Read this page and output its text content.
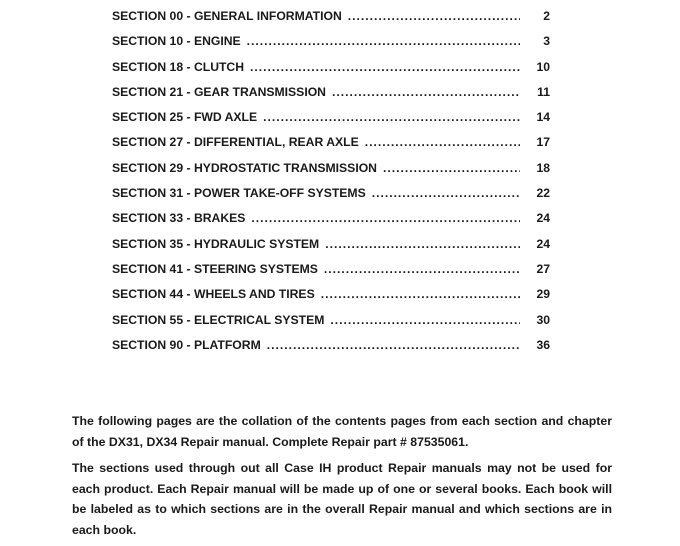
SECTION 00 - GENERAL INFORMATION . . .	2
SECTION 10 - ENGINE . . .	3
SECTION 18 - CLUTCH . . .	10
SECTION 21 - GEAR TRANSMISSION . . .	11
SECTION 25 - FWD AXLE . . .	14
SECTION 27 - DIFFERENTIAL, REAR AXLE . . .	17
SECTION 29 - HYDROSTATIC TRANSMISSION . . .	18
SECTION 31 - POWER TAKE-OFF SYSTEMS . . .	22
SECTION 33 - BRAKES . . .	24
SECTION 35 - HYDRAULIC SYSTEM . . .	24
SECTION 41 - STEERING SYSTEMS . . .	27
SECTION 44 - WHEELS AND TIRES . . .	29
SECTION 55 - ELECTRICAL SYSTEM . . .	30
SECTION 90 - PLATFORM . . .	36

The following pages are the collation of the contents pages from each section and chapter of the DX31, DX34 Repair manual. Complete Repair part # 87535061.

The sections used through out all Case IH product Repair manuals may not be used for each product. Each Repair manual will be made up of one or several books. Each book will be labeled as to which sections are in the overall Repair manual and which sections are in each book.
